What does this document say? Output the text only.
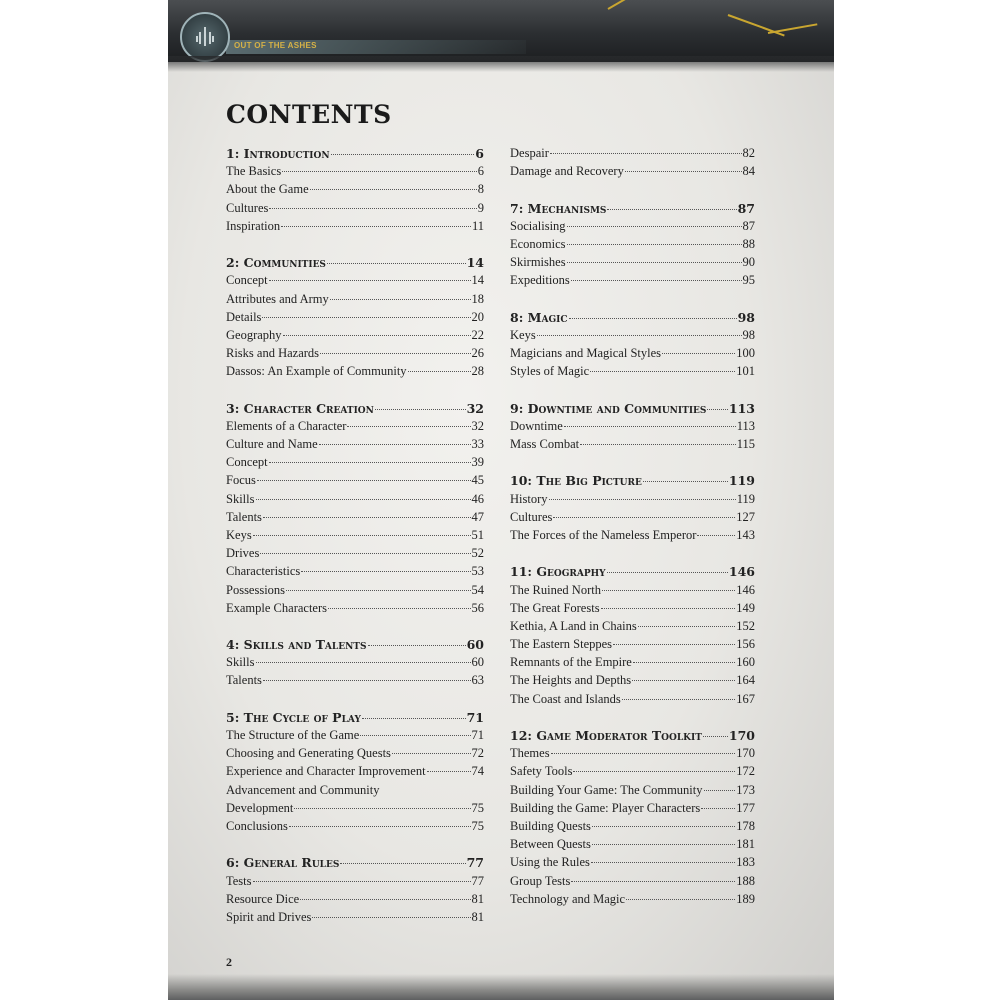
OUT OF THE ASHES
CONTENTS
1: Introduction	6
The Basics	6
About the Game	8
Cultures	9
Inspiration	11
2: Communities	14
Concept	14
Attributes and Army	18
Details	20
Geography	22
Risks and Hazards	26
Dassos: An Example of Community	28
3: Character Creation	32
Elements of a Character	32
Culture and Name	33
Concept	39
Focus	45
Skills	46
Talents	47
Keys	51
Drives	52
Characteristics	53
Possessions	54
Example Characters	56
4: Skills and Talents	60
Skills	60
Talents	63
5: The Cycle of Play	71
The Structure of the Game	71
Choosing and Generating Quests	72
Experience and Character Improvement	74
Advancement and Community
Development	75
Conclusions	75
6: General Rules	77
Tests	77
Resource Dice	81
Spirit and Drives	81
Despair	82
Damage and Recovery	84
7: Mechanisms	87
Socialising	87
Economics	88
Skirmishes	90
Expeditions	95
8: Magic	98
Keys	98
Magicians and Magical Styles	100
Styles of Magic	101
9: Downtime and Communities 113
Downtime	113
Mass Combat	115
10: The Big Picture	119
History	119
Cultures	127
The Forces of the Nameless Emperor	143
11: Geography	146
The Ruined North	146
The Great Forests	149
Kethia, A Land in Chains	152
The Eastern Steppes	156
Remnants of the Empire	160
The Heights and Depths	164
The Coast and Islands	167
12: Game Moderator Toolkit 170
Themes	170
Safety Tools	172
Building Your Game: The Community	173
Building the Game: Player Characters	177
Building Quests	178
Between Quests	181
Using the Rules	183
Group Tests	188
Technology and Magic	189
2
